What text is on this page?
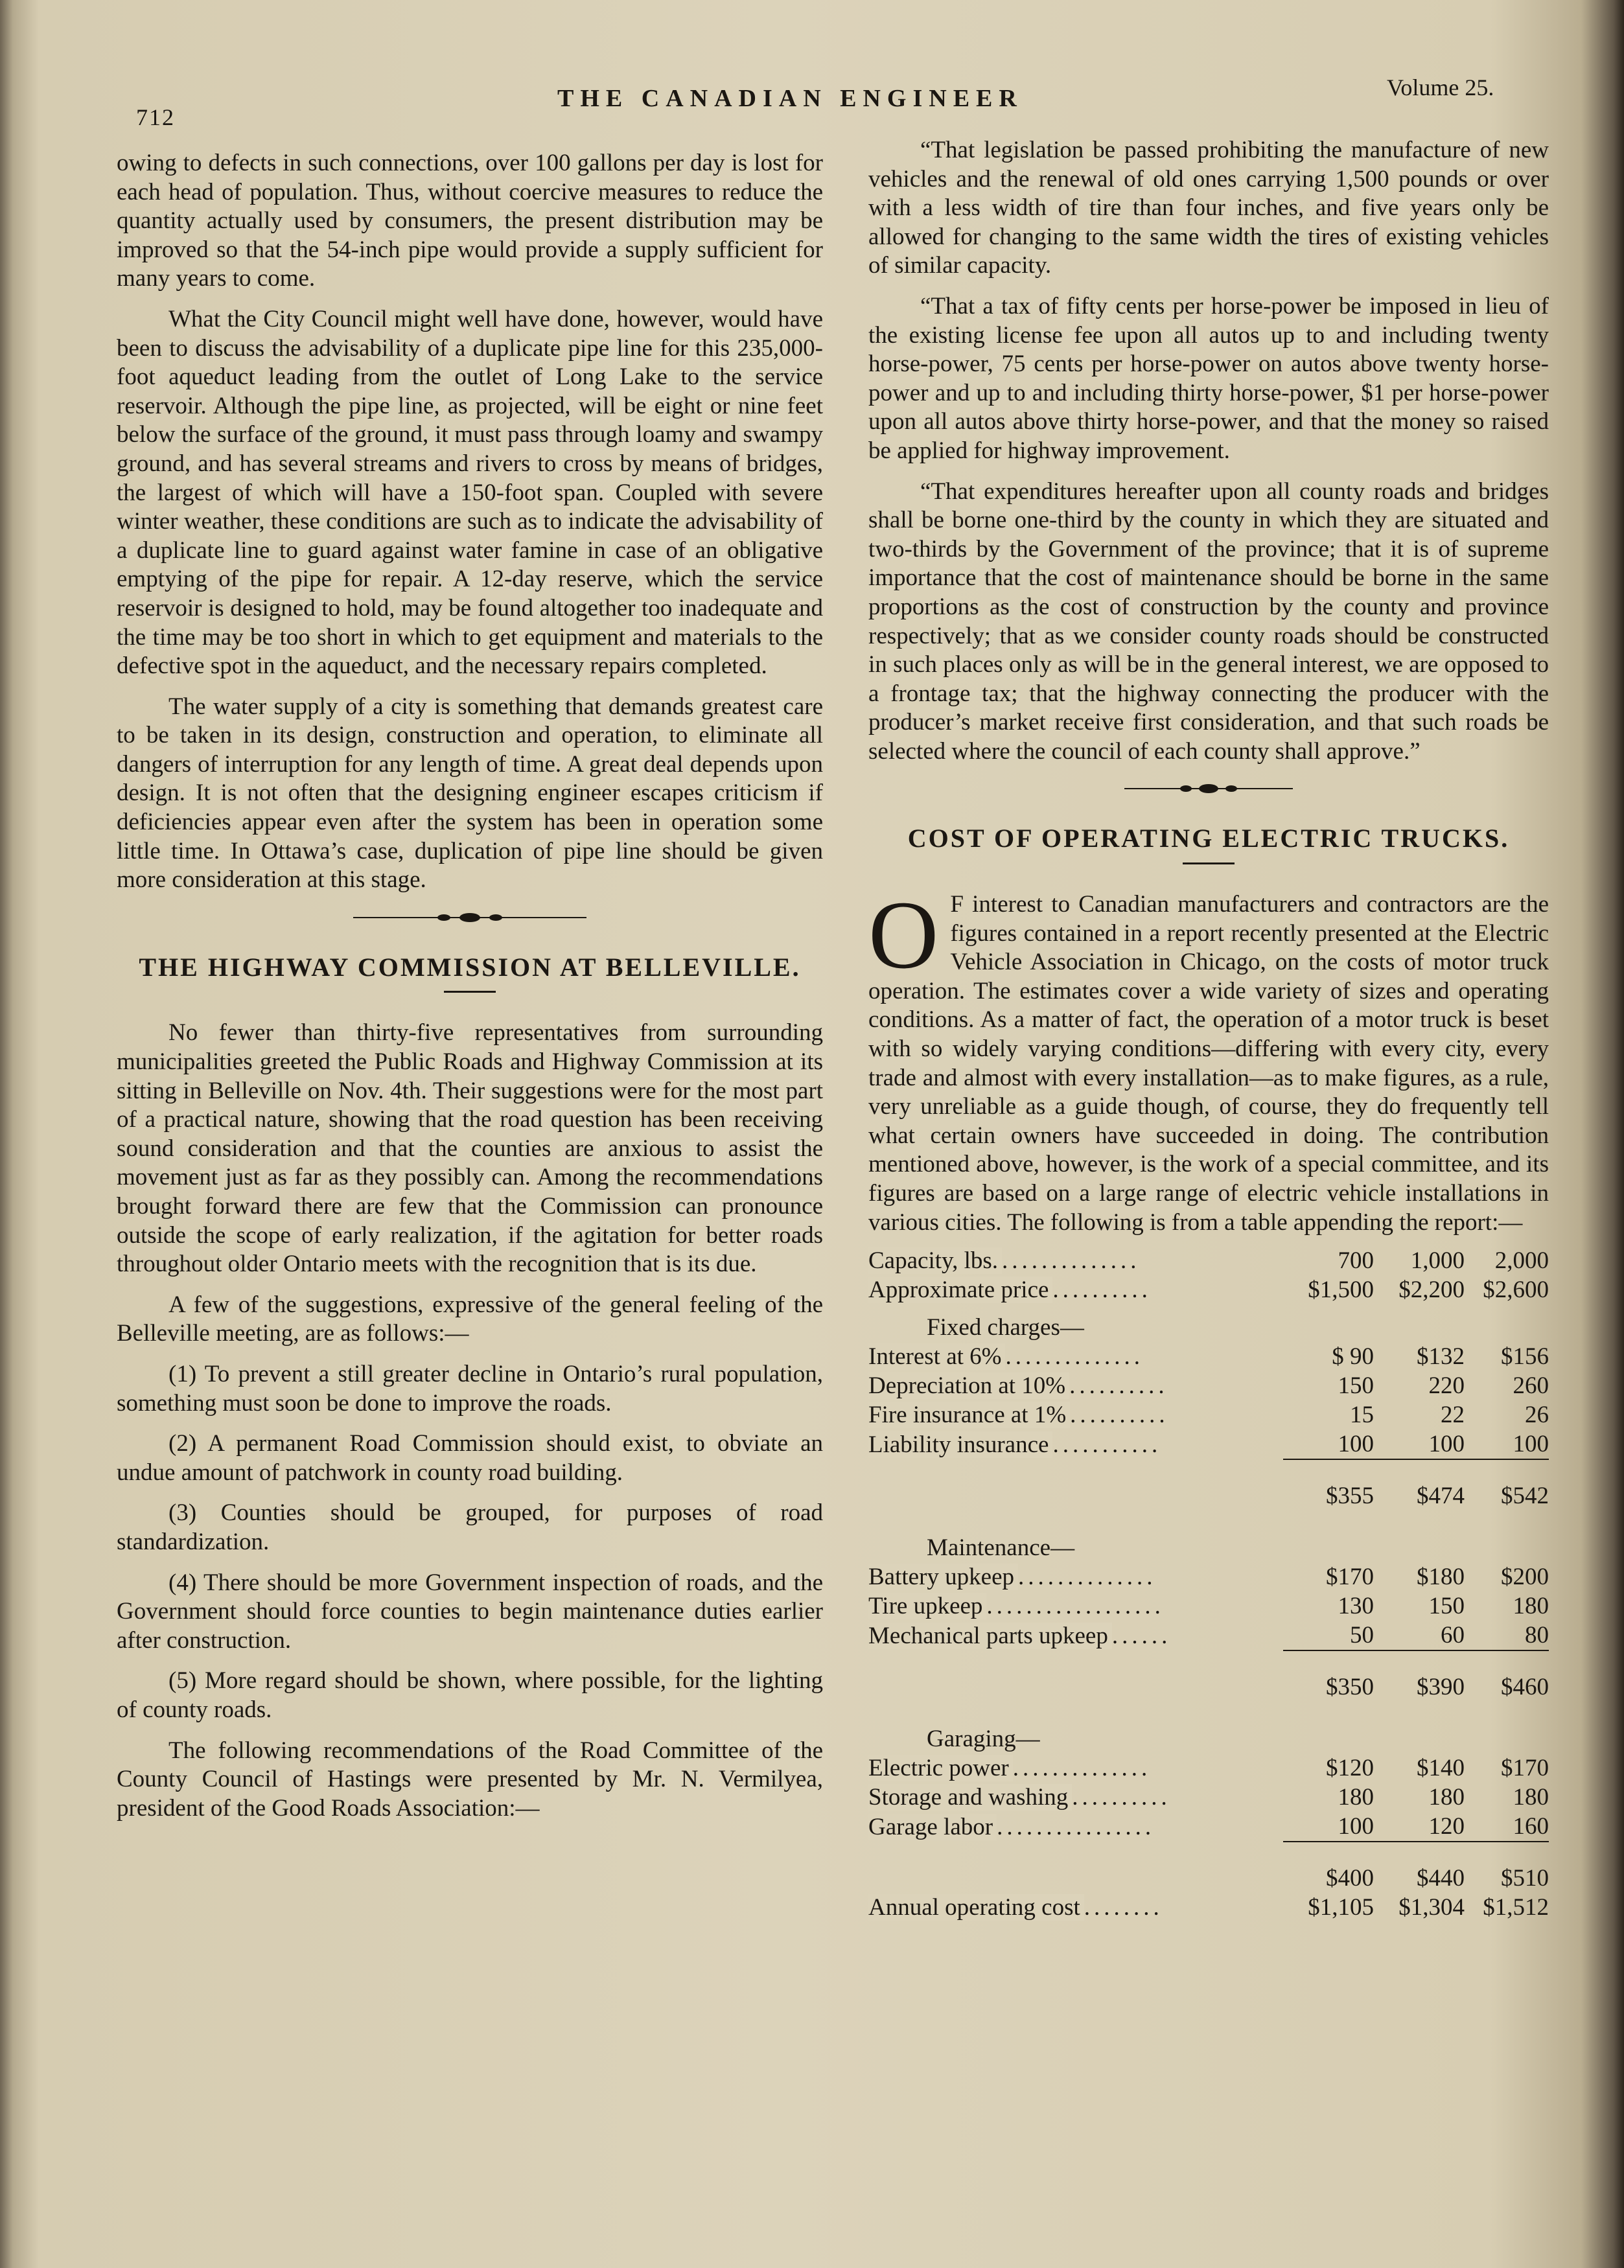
712
THE CANADIAN ENGINEER	Volume 25.

owing to defects in such connections, over 100 gallons per day is lost for each head of population. Thus, without coercive measures to reduce the quantity actually used by consumers, the present distribution may be improved so that the 54-inch pipe would provide a supply sufficient for many years to come.

What the City Council might well have done, however, would have been to discuss the advisability of a duplicate pipe line for this 235,000-foot aqueduct leading from the outlet of Long Lake to the service reservoir. Although the pipe line, as projected, will be eight or nine feet below the surface of the ground, it must pass through loamy and swampy ground, and has several streams and rivers to cross by means of bridges, the largest of which will have a 150-foot span. Coupled with severe winter weather, these conditions are such as to indicate the advisability of a duplicate line to guard against water famine in case of an obligative emptying of the pipe for repair. A 12-day reserve, which the service reservoir is designed to hold, may be found altogether too inadequate and the time may be too short in which to get equipment and materials to the defective spot in the aqueduct, and the necessary repairs completed.

The water supply of a city is something that demands greatest care to be taken in its design, construction and operation, to eliminate all dangers of interruption for any length of time. A great deal depends upon design. It is not often that the designing engineer escapes criticism if deficiencies appear even after the system has been in operation some little time. In Ottawa’s case, duplication of pipe line should be given more consideration at this stage.

THE HIGHWAY COMMISSION AT BELLEVILLE.

No fewer than thirty-five representatives from surrounding municipalities greeted the Public Roads and Highway Commission at its sitting in Belleville on Nov. 4th. Their suggestions were for the most part of a practical nature, showing that the road question has been receiving sound consideration and that the counties are anxious to assist the movement just as far as they possibly can. Among the recommendations brought forward there are few that the Commission can pronounce outside the scope of early realization, if the agitation for better roads throughout older Ontario meets with the recognition that is its due.

A few of the suggestions, expressive of the general feeling of the Belleville meeting, are as follows:—

(1) To prevent a still greater decline in Ontario’s rural population, something must soon be done to improve the roads.

(2) A permanent Road Commission should exist, to obviate an undue amount of patchwork in county road building.

(3) Counties should be grouped, for purposes of road standardization.

(4) There should be more Government inspection of roads, and the Government should force counties to begin maintenance duties earlier after construction.

(5) More regard should be shown, where possible, for the lighting of county roads.

The following recommendations of the Road Committee of the County Council of Hastings were presented by Mr. N. Vermilyea, president of the Good Roads Association:—

“That legislation be passed prohibiting the manufacture of new vehicles and the renewal of old ones carrying 1,500 pounds or over with a less width of tire than four inches, and five years only be allowed for changing to the same width the tires of existing vehicles of similar capacity.

“That a tax of fifty cents per horse-power be imposed in lieu of the existing license fee upon all autos up to and including twenty horse-power, 75 cents per horse-power on autos above twenty horse-power and up to and including thirty horse-power, $1 per horse-power upon all autos above thirty horse-power, and that the money so raised be applied for highway improvement.

“That expenditures hereafter upon all county roads and bridges shall be borne one-third by the county in which they are situated and two-thirds by the Government of the province; that it is of supreme importance that the cost of maintenance should be borne in the same proportions as the cost of construction by the county and province respectively; that as we consider county roads should be constructed in such places only as will be in the general interest, we are opposed to a frontage tax; that the highway connecting the producer with the producer’s market receive first consideration, and that such roads be selected where the council of each county shall approve.”

COST OF OPERATING ELECTRIC TRUCKS.
O F interest to Canadian manufacturers and contractors are the figures contained in a report recently presented at the Electric Vehicle Association in Chicago, on the costs of motor truck operation. The estimates cover a wide variety of sizes and operating conditions. As a matter of fact, the operation of a motor truck is beset with so widely varying conditions—differing with every city, every trade and almost with every installation—as to make figures, as a rule, very unreliable as a guide though, of course, they do frequently tell what certain owners have succeeded in doing. The contribution mentioned above, however, is the work of a special committee, and its figures are based on a large range of electric vehicle installations in various cities. The following is from a table appending the report:—

Capacity, lbs. ..............	700	1,000	2,000
Approximate price ..........	$1,500	$2,200	$2,600
Fixed charges—			
Interest at 6% ..............	$ 90	$132	$156
Depreciation at 10% ..........	150	220	260
Fire insurance at 1% ..........	15	22	26
Liability insurance ...........	100	100	100

	$355	$474	$542

Maintenance—			
Battery upkeep ..............	$170	$180	$200
Tire upkeep ..................	130	150	180
Mechanical parts upkeep ......	50	60	80

	$350	$390	$460

Garaging—			
Electric power ..............	$120	$140	$170
Storage and washing ..........	180	180	180
Garage labor ................	100	120	160

	$400	$440	$510
Annual operating cost ........	$1,105	$1,304	$1,512
